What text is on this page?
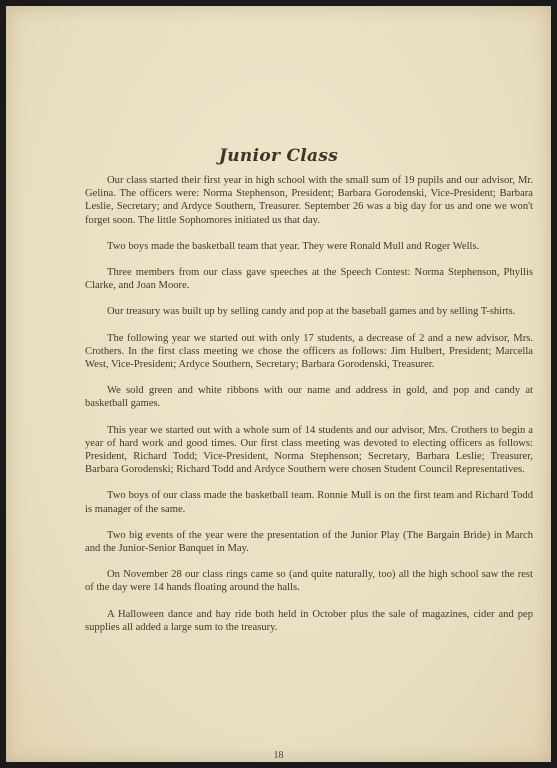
Junior Class

Our class started their first year in high school with the small sum of 19 pupils and our advisor, Mr. Gelina. The officers were: Norma Stephenson, President; Barbara Gorodenski, Vice-President; Barbara Leslie, Secretary; and Ardyce Southern, Treasurer. September 26 was a big day for us and one we won't forget soon. The little Sophomores initiated us that day.

Two boys made the basketball team that year. They were Ronald Mull and Roger Wells.

Three members from our class gave speeches at the Speech Contest: Norma Stephenson, Phyllis Clarke, and Joan Moore.

Our treasury was built up by selling candy and pop at the baseball games and by selling T-shirts.

The following year we started out with only 17 students, a decrease of 2 and a new advisor, Mrs. Crothers. In the first class meeting we chose the officers as follows: Jim Hulbert, President; Marcella West, Vice-President; Ardyce Southern, Secretary; Barbara Gorodenski, Treasurer.

We sold green and white ribbons with our name and address in gold, and pop and candy at basketball games.

This year we started out with a whole sum of 14 students and our advisor, Mrs. Crothers to begin a year of hard work and good times. Our first class meeting was devoted to electing officers as follows: President, Richard Todd; Vice-President, Norma Stephenson; Secretary, Barbara Leslie; Treasurer, Barbara Gorodenski; Richard Todd and Ardyce Southern were chosen Student Council Representatives.

Two boys of our class made the basketball team. Ronnie Mull is on the first team and Richard Todd is manager of the same.

Two big events of the year were the presentation of the Junior Play (The Bargain Bride) in March and the Junior-Senior Banquet in May.

On November 28 our class rings came so (and quite naturally, too) all the high school saw the rest of the day were 14 hands floating around the halls.

A Halloween dance and hay ride both held in October plus the sale of magazines, cider and pep supplies all added a large sum to the treasury.

18
